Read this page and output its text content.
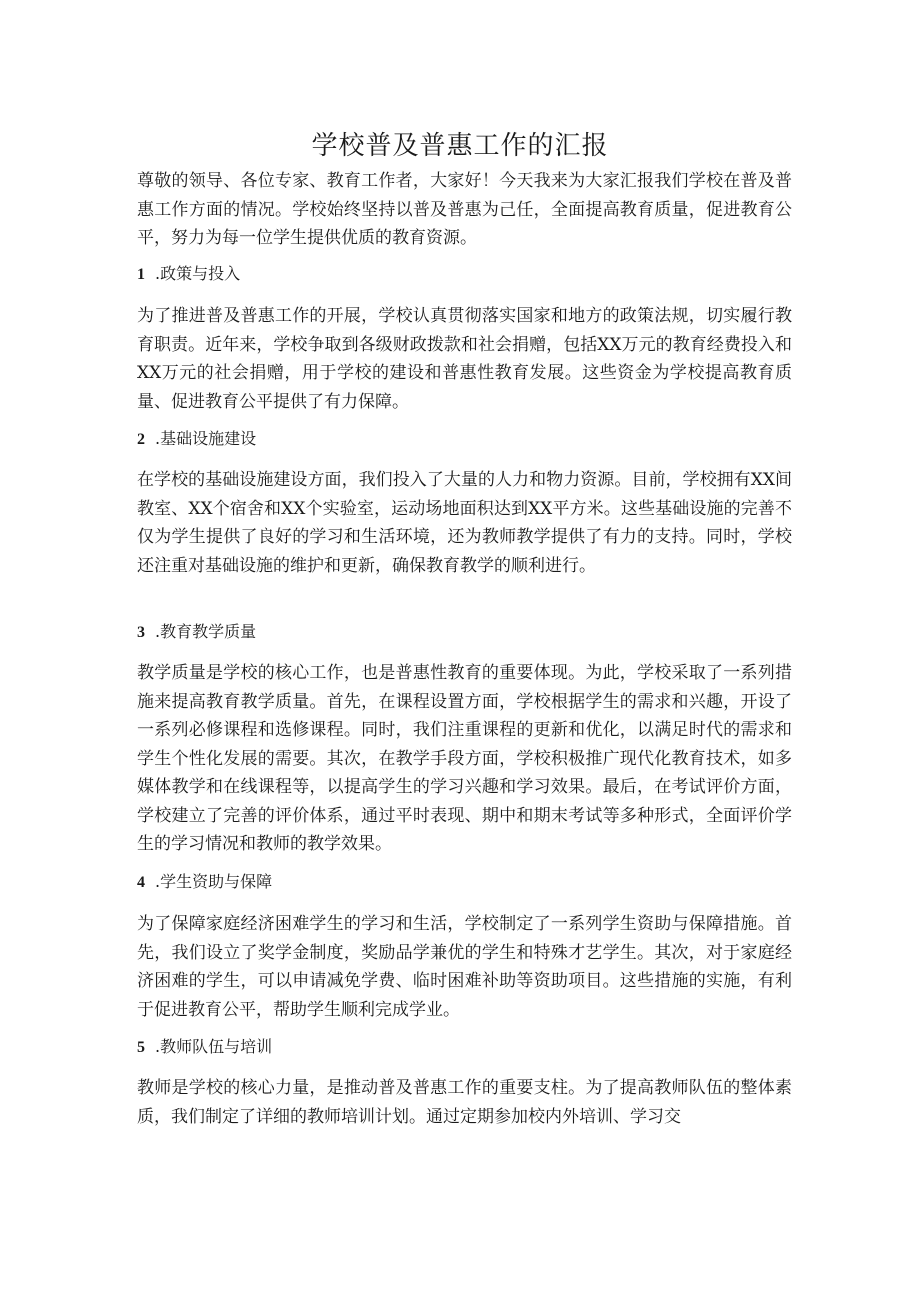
学校普及普惠工作的汇报

尊敬的领导、各位专家、教育工作者，大家好！今天我来为大家汇报我们学校在普及普惠工作方面的情况。学校始终坚持以普及普惠为己任，全面提高教育质量，促进教育公平，努力为每一位学生提供优质的教育资源。

1 .政策与投入

为了推进普及普惠工作的开展，学校认真贯彻落实国家和地方的政策法规，切实履行教育职责。近年来，学校争取到各级财政拨款和社会捐赠，包括XX万元的教育经费投入和XX万元的社会捐赠，用于学校的建设和普惠性教育发展。这些资金为学校提高教育质量、促进教育公平提供了有力保障。

2 .基础设施建设

在学校的基础设施建设方面，我们投入了大量的人力和物力资源。目前，学校拥有XX间教室、XX个宿舍和XX个实验室，运动场地面积达到XX平方米。这些基础设施的完善不仅为学生提供了良好的学习和生活环境，还为教师教学提供了有力的支持。同时，学校还注重对基础设施的维护和更新，确保教育教学的顺利进行。

3 .教育教学质量

教学质量是学校的核心工作，也是普惠性教育的重要体现。为此，学校采取了一系列措施来提高教育教学质量。首先，在课程设置方面，学校根据学生的需求和兴趣，开设了一系列必修课程和选修课程。同时，我们注重课程的更新和优化，以满足时代的需求和学生个性化发展的需要。其次，在教学手段方面，学校积极推广现代化教育技术，如多媒体教学和在线课程等，以提高学生的学习兴趣和学习效果。最后，在考试评价方面，学校建立了完善的评价体系，通过平时表现、期中和期末考试等多种形式，全面评价学生的学习情况和教师的教学效果。

4 .学生资助与保障

为了保障家庭经济困难学生的学习和生活，学校制定了一系列学生资助与保障措施。首先，我们设立了奖学金制度，奖励品学兼优的学生和特殊才艺学生。其次，对于家庭经济困难的学生，可以申请减免学费、临时困难补助等资助项目。这些措施的实施，有利于促进教育公平，帮助学生顺利完成学业。

5 .教师队伍与培训

教师是学校的核心力量，是推动普及普惠工作的重要支柱。为了提高教师队伍的整体素质，我们制定了详细的教师培训计划。通过定期参加校内外培训、学习交
